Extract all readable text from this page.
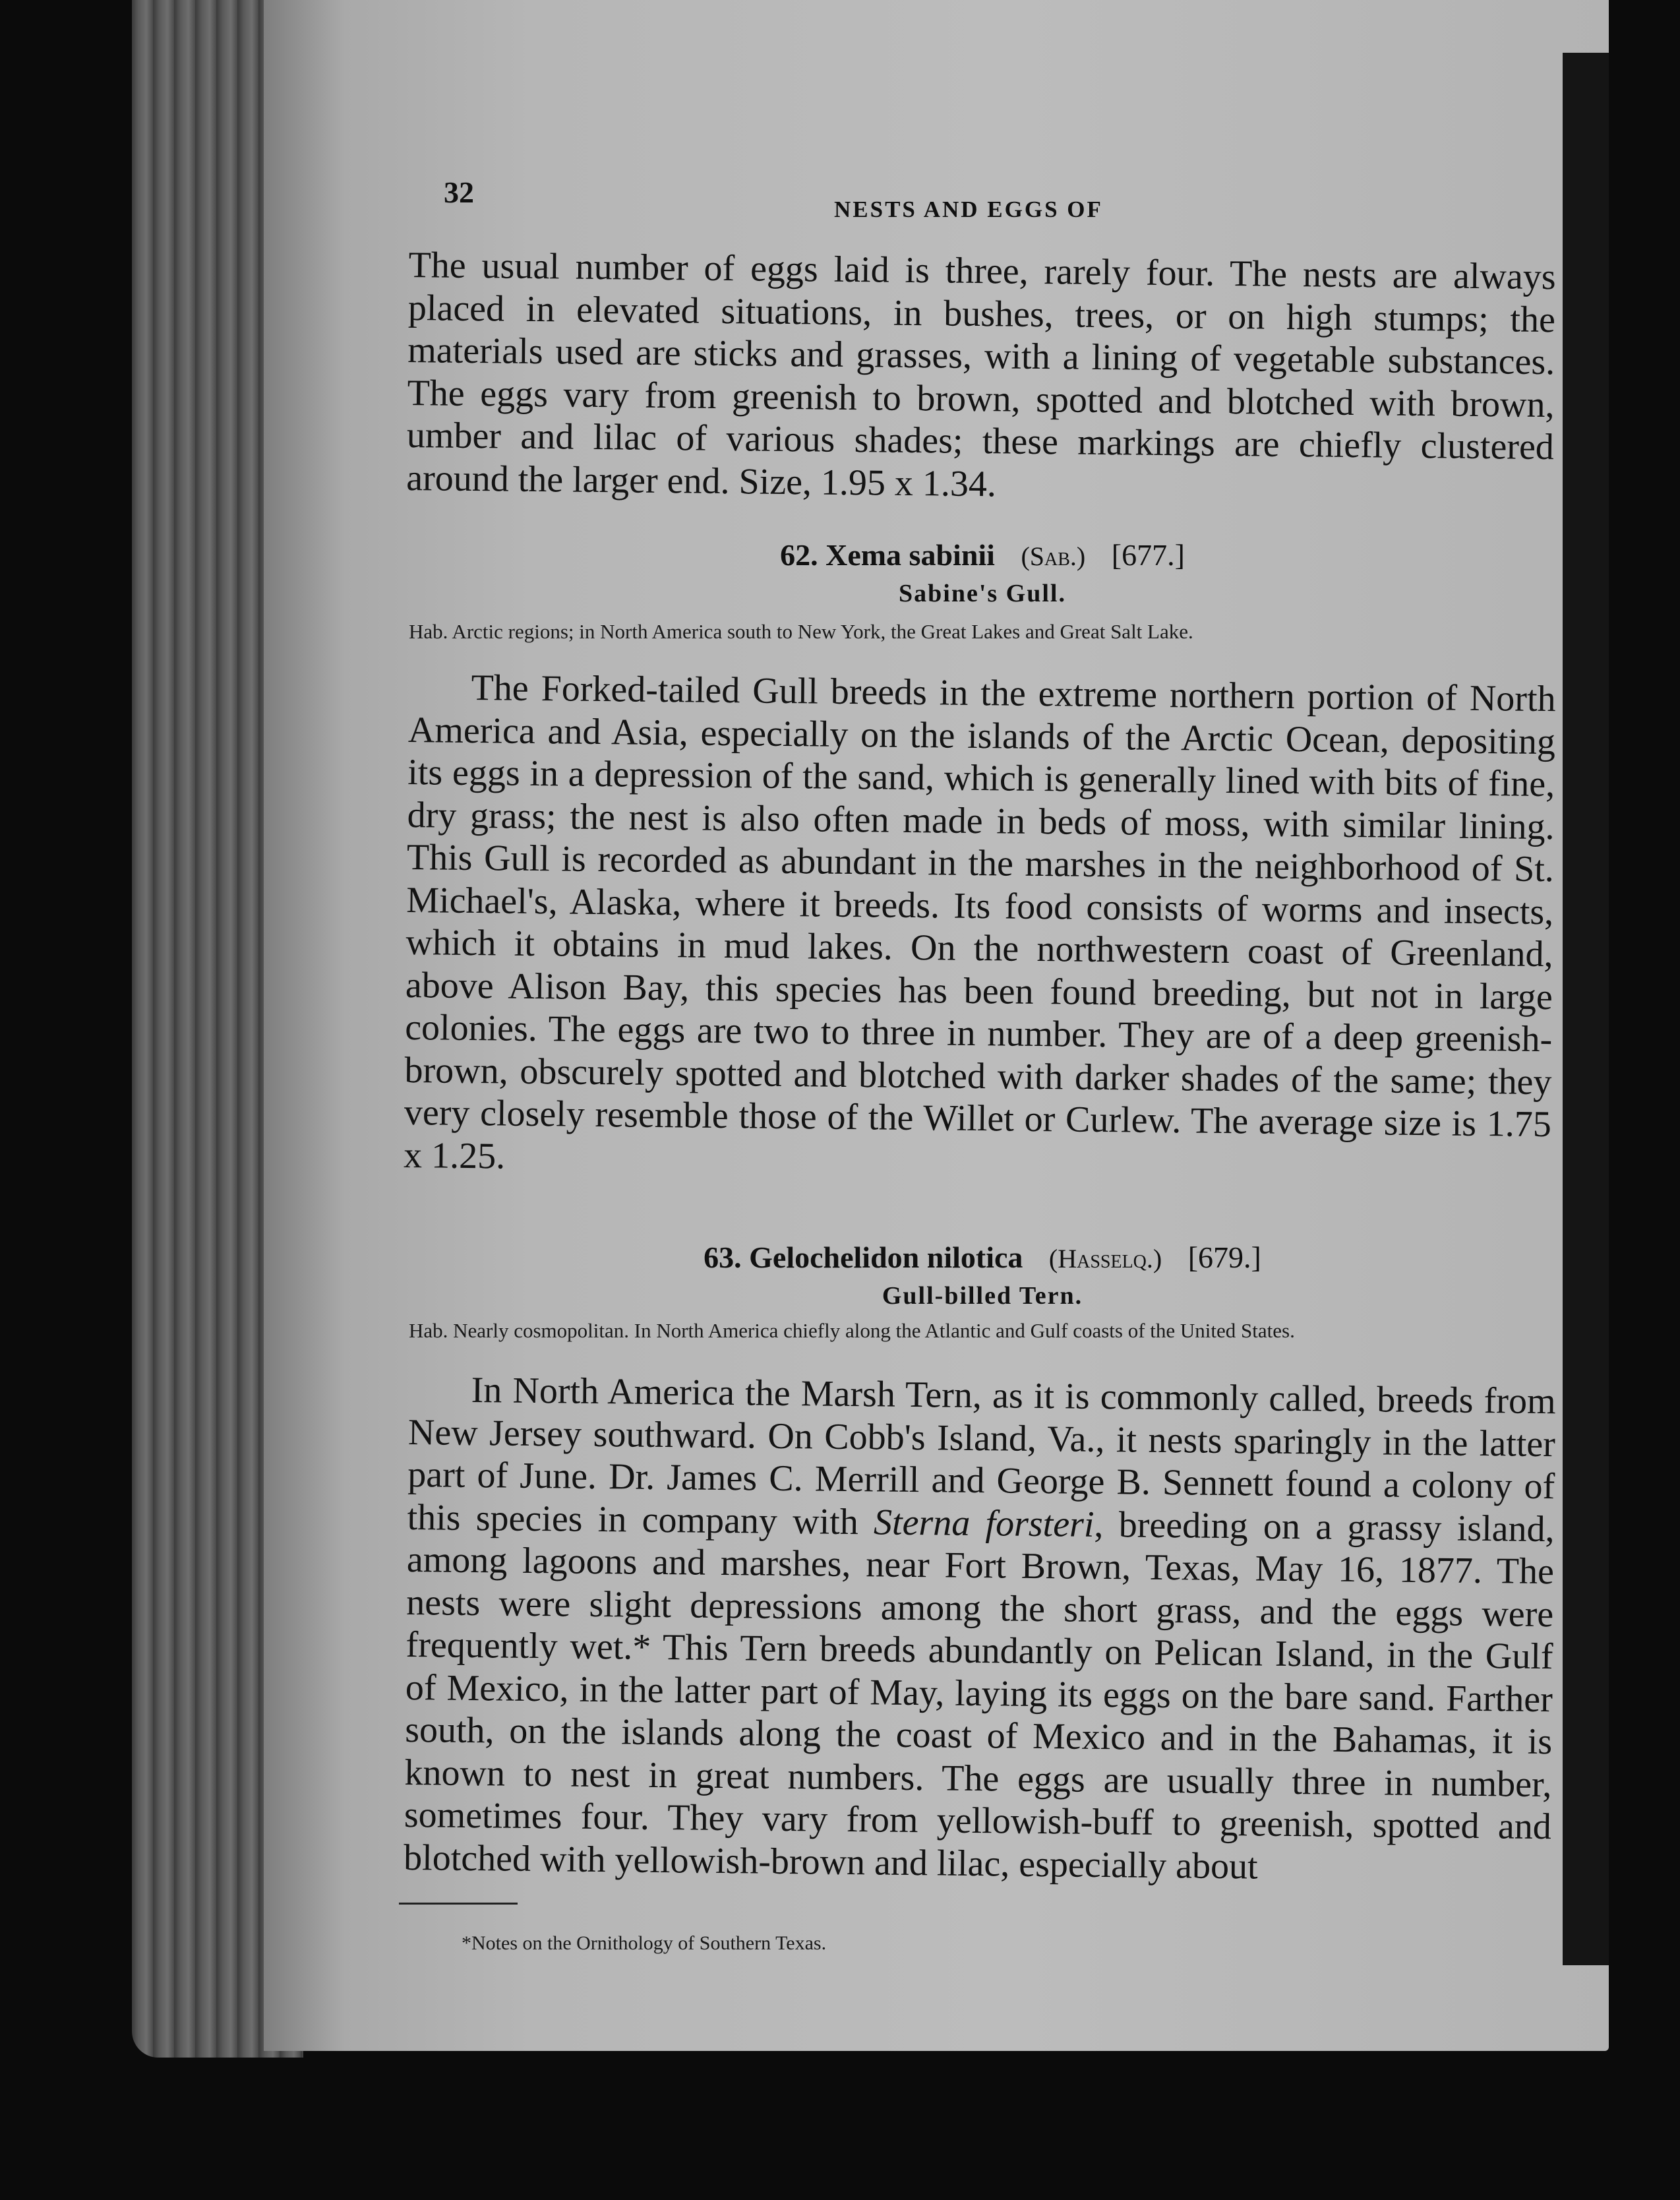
32
NESTS AND EGGS OF

The usual number of eggs laid is three, rarely four. The nests are always placed in elevated situations, in bushes, trees, or on high stumps; the materials used are sticks and grasses, with a lining of vegetable substances. The eggs vary from greenish to brown, spotted and blotched with brown, umber and lilac of various shades; these markings are chiefly clustered around the larger end. Size, 1.95 x 1.34.

62. Xema sabinii (Sab.) [677.]
Sabine's Gull.
Hab. Arctic regions; in North America south to New York, the Great Lakes and Great Salt Lake.

The Forked-tailed Gull breeds in the extreme northern portion of North America and Asia, especially on the islands of the Arctic Ocean, depositing its eggs in a depression of the sand, which is generally lined with bits of fine, dry grass; the nest is also often made in beds of moss, with similar lining. This Gull is recorded as abundant in the marshes in the neighborhood of St. Michael's, Alaska, where it breeds. Its food consists of worms and insects, which it obtains in mud lakes. On the northwestern coast of Greenland, above Alison Bay, this species has been found breeding, but not in large colonies. The eggs are two to three in number. They are of a deep greenish-brown, obscurely spotted and blotched with darker shades of the same; they very closely resemble those of the Willet or Curlew. The average size is 1.75 x 1.25.

63. Gelochelidon nilotica (Hasselq.) [679.]
Gull-billed Tern.
Hab. Nearly cosmopolitan. In North America chiefly along the Atlantic and Gulf coasts of the United States.

In North America the Marsh Tern, as it is commonly called, breeds from New Jersey southward. On Cobb's Island, Va., it nests sparingly in the latter part of June. Dr. James C. Merrill and George B. Sennett found a colony of this species in company with Sterna forsteri, breeding on a grassy island, among lagoons and marshes, near Fort Brown, Texas, May 16, 1877. The nests were slight depressions among the short grass, and the eggs were frequently wet.* This Tern breeds abundantly on Pelican Island, in the Gulf of Mexico, in the latter part of May, laying its eggs on the bare sand. Farther south, on the islands along the coast of Mexico and in the Bahamas, it is known to nest in great numbers. The eggs are usually three in number, sometimes four. They vary from yellowish-buff to greenish, spotted and blotched with yellowish-brown and lilac, especially about

*Notes on the Ornithology of Southern Texas.
